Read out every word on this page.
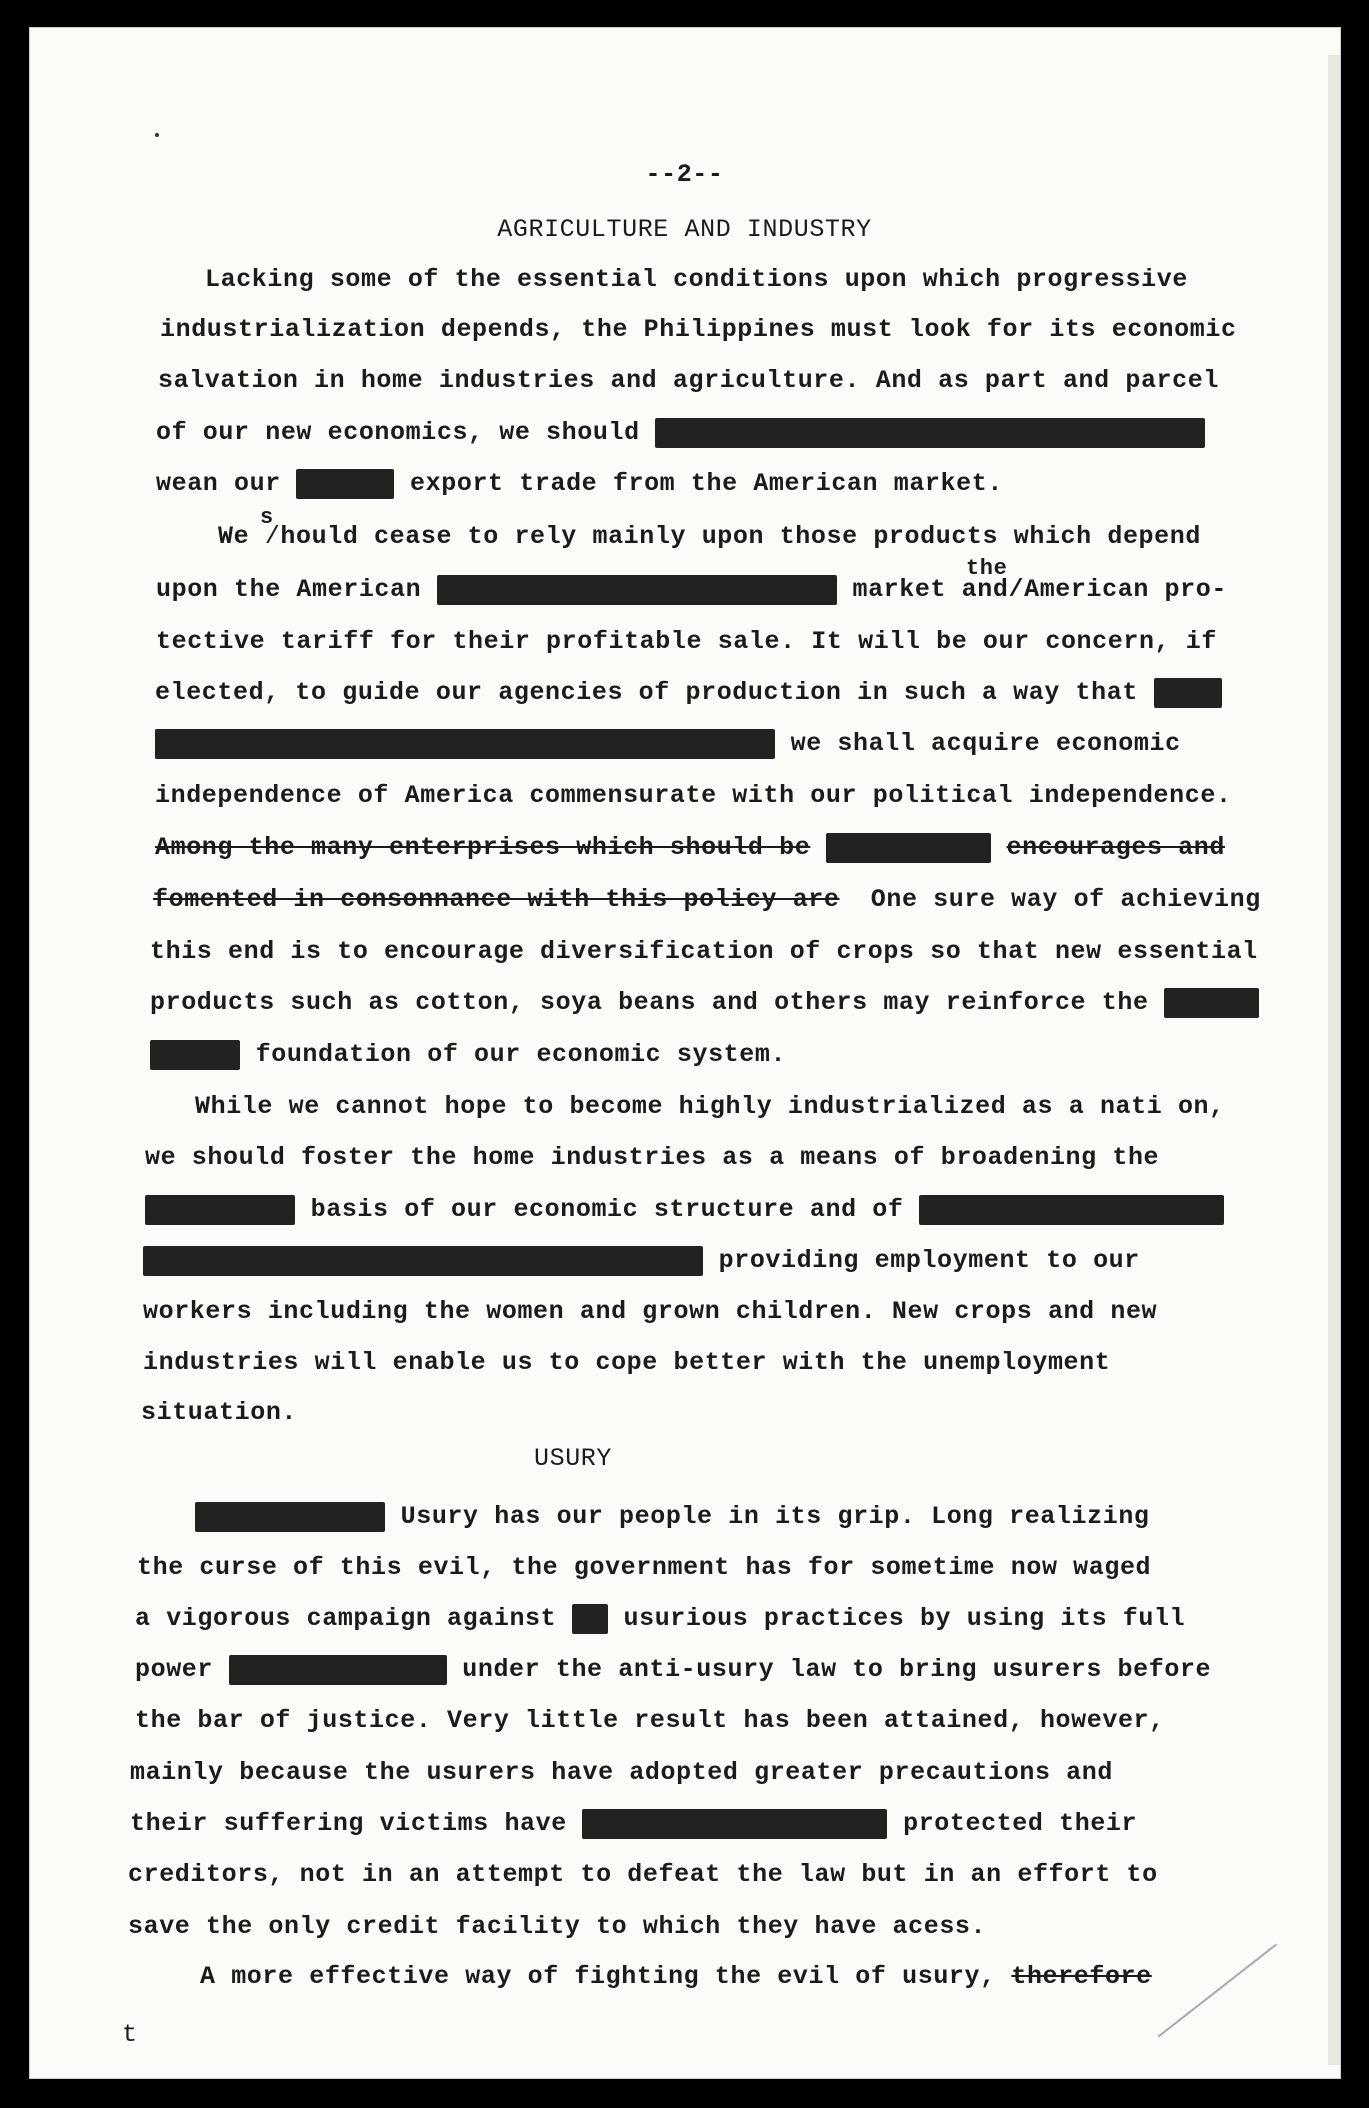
--2--
AGRICULTURE AND INDUSTRY
Lacking some of the essential conditions upon which progressive
industrialization depends, the Philippines must look for its economic
salvation in home industries and agriculture. And as part and parcel
of our new economics, we should x
wean our x	export trade from the American market.
s
We /hould cease to rely mainly upon those products which depend
the
upon the American x	market and/American pro-
tective tariff for their profitable sale. It will be our concern, if
elected, to guide our agencies of production in such a way that x
x	we shall acquire economic
independence of America commensurate with our political independence.
Among the many enterprises which should be x	encourages and
fomented in consonnance with this policy are One sure way of achieving
this end is to encourage diversification of crops so that new essential
products such as cotton, soya beans and others may reinforce the x
x	foundation of our economic system.
While we cannot hope to become highly industrialized as a nati on,
we should foster the home industries as a means of broadening the
x	basis of our economic structure and of x
x	providing employment to our
workers including the women and grown children. New crops and new
industries will enable us to cope better with the unemployment
situation.
USURY
x	Usury has our people in its grip. Long realizing
the curse of this evil, the government has for sometime now waged
a vigorous campaign against x usurious practices by using its full
power x	under the anti-usury law to bring usurers before
the bar of justice. Very little result has been attained, however,
mainly because the usurers have adopted greater precautions and
their suffering victims have x	protected their
creditors, not in an attempt to defeat the law but in an effort to
save the only credit facility to which they have acess.
A more effective way of fighting the evil of usury, therefore
t
